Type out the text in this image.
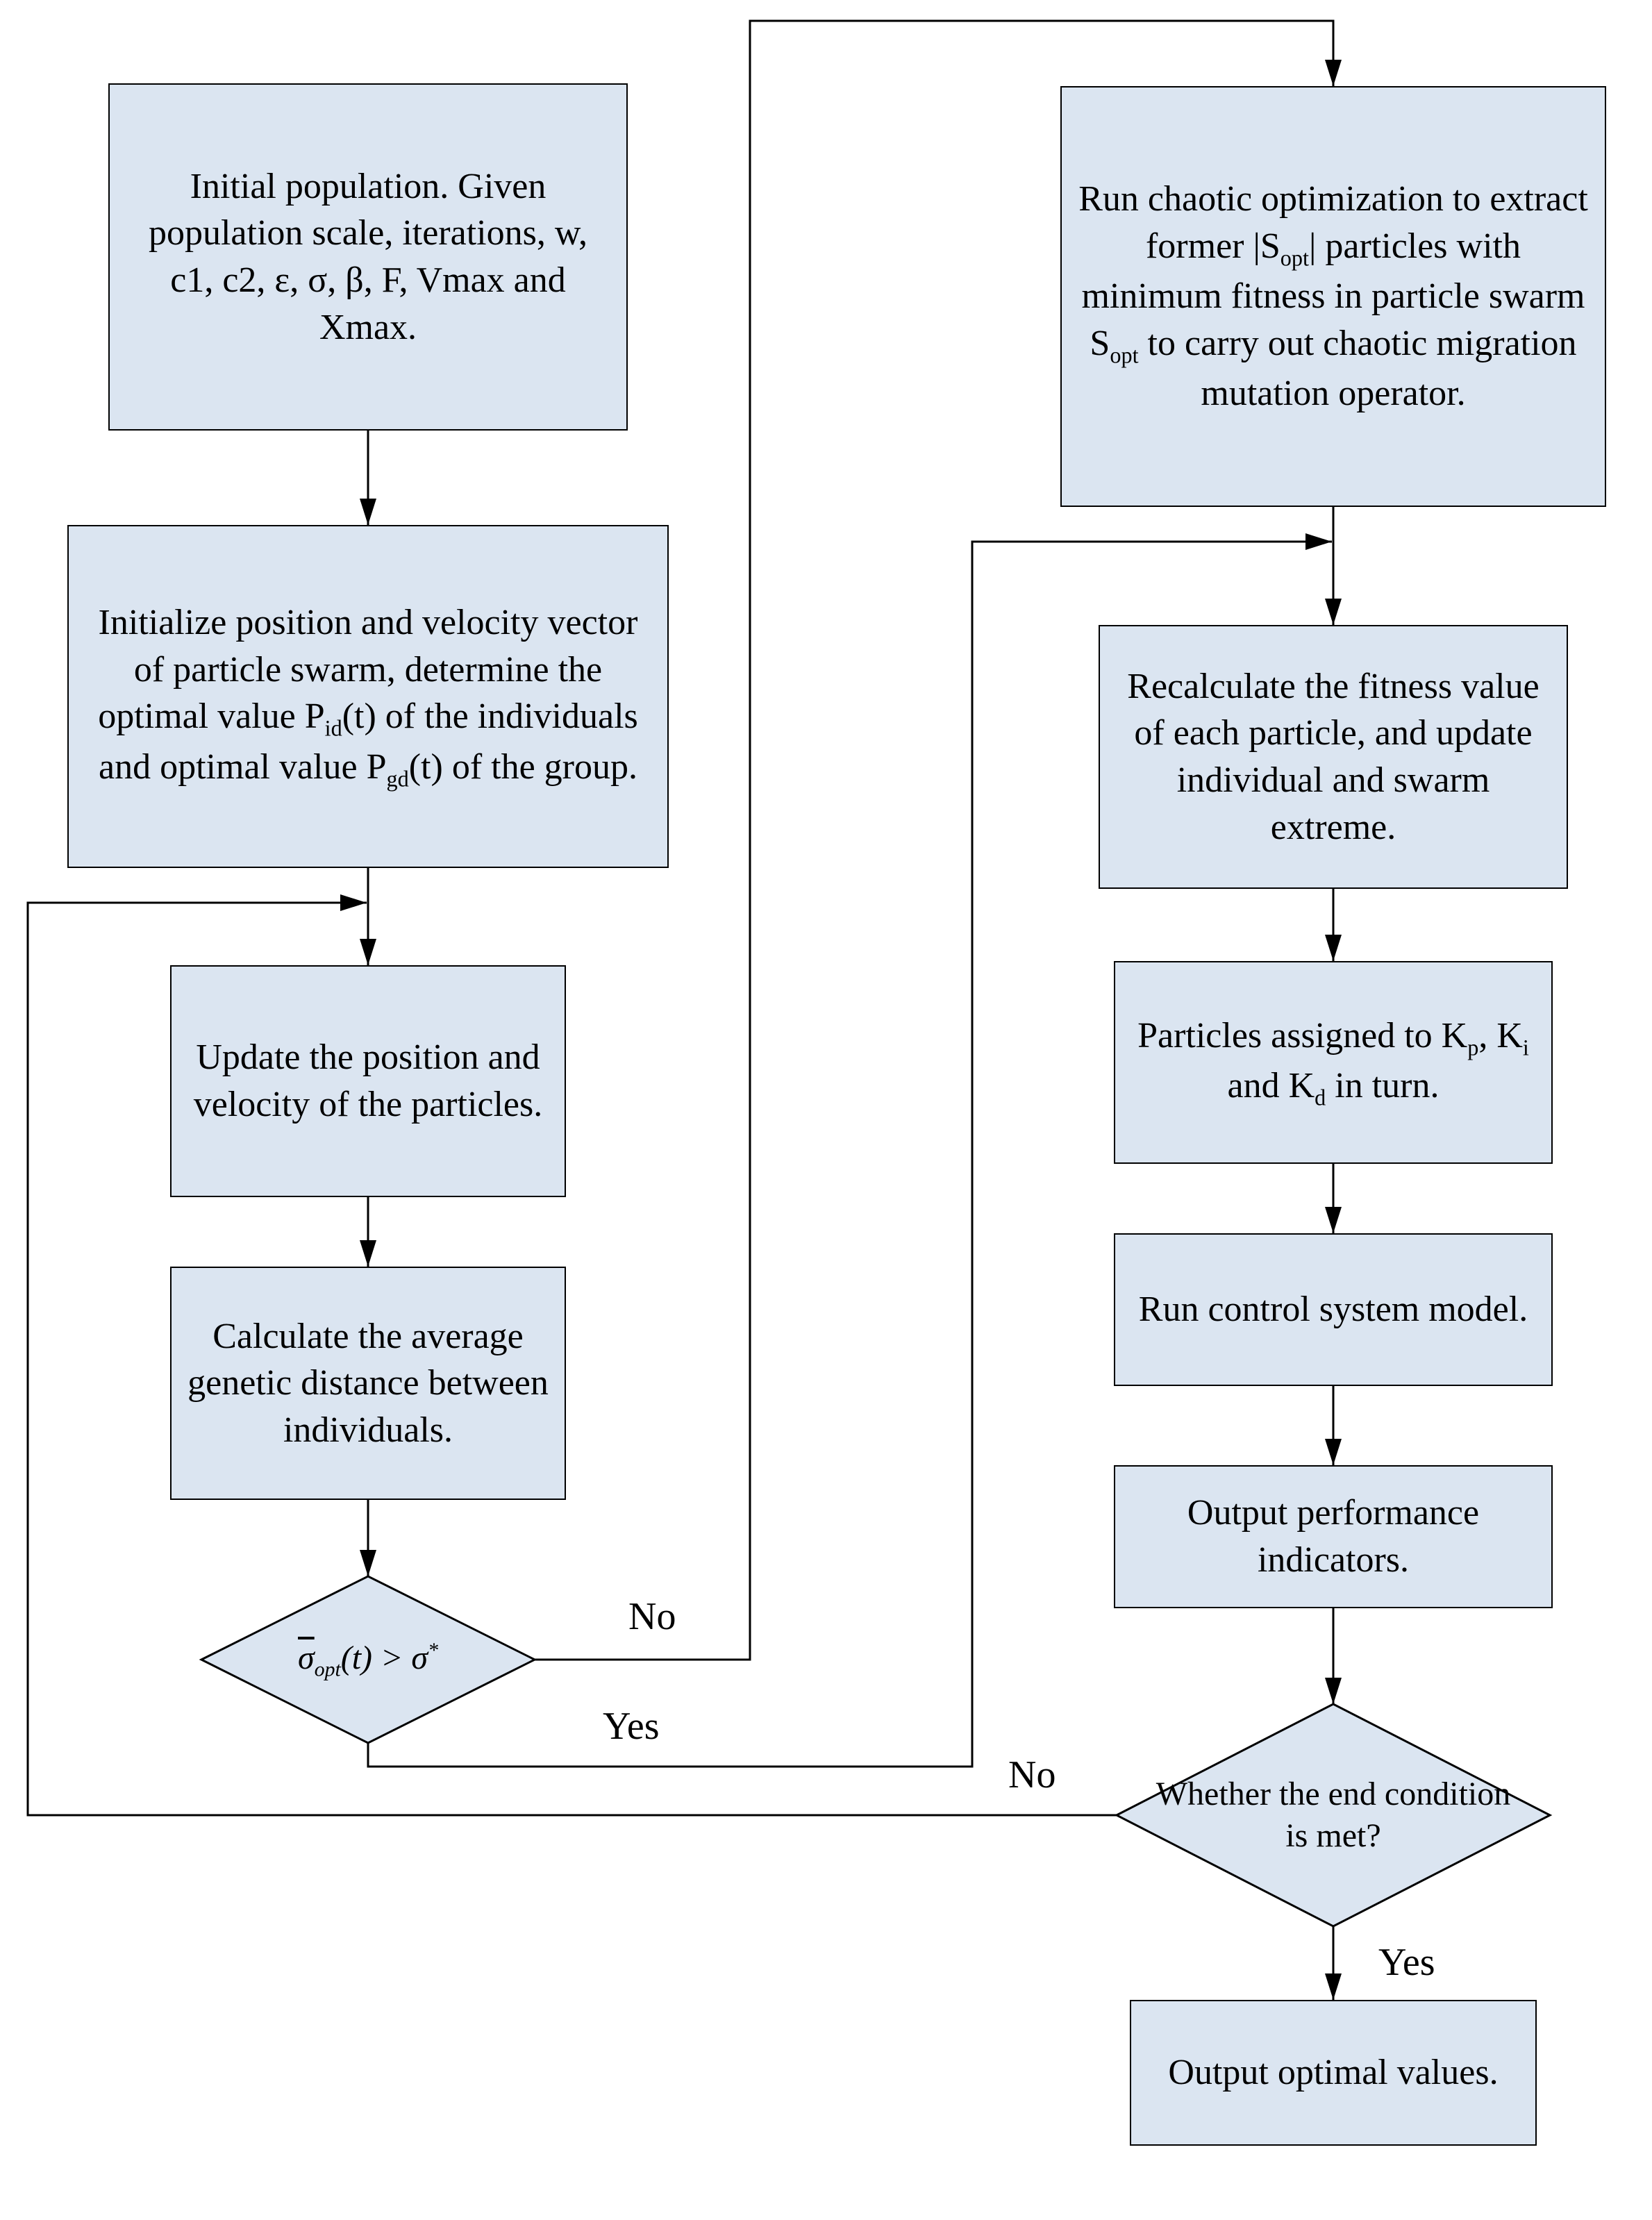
Initial population. Given population scale, iterations, w, c1, c2, ε, σ, β, F, Vmax and Xmax.
Initialize position and velocity vector of particle swarm, determine the optimal value $P_{id}(t)$ of the individuals and optimal value $P_{gd}(t)$ of the group.
Update the position and velocity of the particles.
Calculate the average genetic distance between individuals.
Run chaotic optimization to extract former $|S_{opt}|$ particles with minimum fitness in particle swarm $S_{opt}$ to carry out chaotic migration mutation operator.
Recalculate the fitness value of each particle, and update individual and swarm extreme.
Particles assigned to $K_p$, $K_i$ and $K_d$ in turn.
Run control system model.
Output performance indicators.
Output optimal values.
$\overline{\sigma}_{opt}(t) > \sigma^*$
Whether the end condition is met?
No
Yes
No
Yes
